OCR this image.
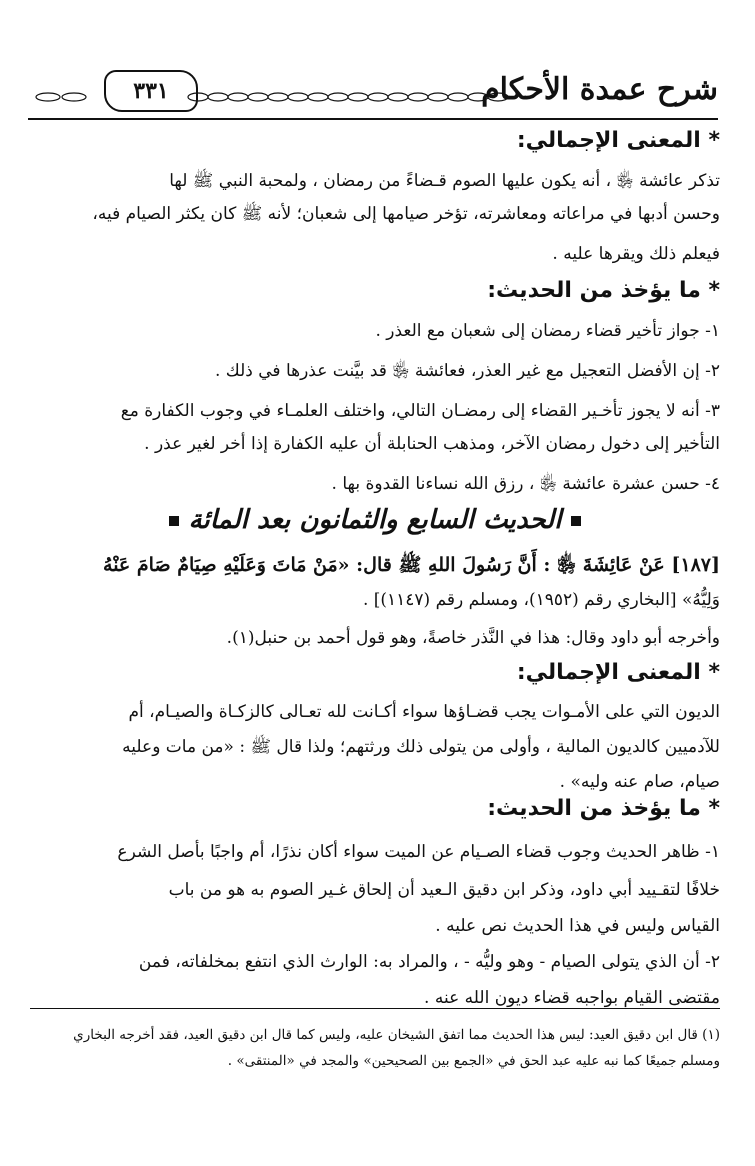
شرح عمدة الأحكام
٣٣١
* المعنى الإجمالي:
تذكر عائشة ﵂ ، أنه يكون عليها الصوم قـضاءً من رمضان ، ولمحبة النبي ﷺ لها
وحسن أدبها في مراعاته ومعاشرته، تؤخر صيامها إلى شعبان؛ لأنه ﷺ كان يكثر الصيام فيه،
فيعلم ذلك ويقرها عليه .
* ما يؤخذ من الحديث:
١- جواز تأخير قضاء رمضان إلى شعبان مع العذر .
٢- إن الأفضل التعجيل مع غير العذر، فعائشة ﵂ قد بيَّنت عذرها في ذلك .
٣- أنه لا يجوز تأخـير القضاء إلى رمضـان التالي، واختلف العلمـاء في وجوب الكفارة مع
التأخير إلى دخول رمضان الآخر، ومذهب الحنابلة أن عليه الكفارة إذا أخر لغير عذر .
٤- حسن عشرة عائشة ﵂ ، رزق الله نساءنا القدوة بها .
الحديث السابع والثمانون بعد المائة
[١٨٧] عَنْ عَائِشَةَ ﵂ : أَنَّ رَسُولَ اللهِ ﷺ قال: «مَنْ مَاتَ وَعَلَيْهِ صِيَامٌ صَامَ عَنْهُ
وَلِيُّهُ» [البخاري رقم (١٩٥٢)، ومسلم رقم (١١٤٧)] .
وأخرجه أبو داود وقال: هذا في النَّذر خاصةً، وهو قول أحمد بن حنبل(١).
* المعنى الإجمالي:
الديون التي على الأمـوات يجب قضـاؤها سواء أكـانت لله تعـالى كالزكـاة والصيـام، أم
للآدميين كالديون المالية ، وأولى من يتولى ذلك ورثتهم؛ ولذا قال ﷺ : «من مات وعليه
صيام، صام عنه وليه» .
* ما يؤخذ من الحديث:
١- ظاهر الحديث وجوب قضاء الصـيام عن الميت سواء أكان نذرًا، أم واجبًا بأصل الشرع
خلافًا لتقـييد أبي داود، وذكر ابن دقيق الـعيد أن إلحاق غـير الصوم به هو من باب
القياس وليس في هذا الحديث نص عليه .
٢- أن الذي يتولى الصيام - وهو وليُّه - ، والمراد به: الوارث الذي انتفع بمخلفاته، فمن
مقتضى القيام بواجبه قضاء ديون الله عنه .
(١) قال ابن دقيق العيد: ليس هذا الحديث مما اتفق الشيخان عليه، وليس كما قال ابن دقيق العيد، فقد أخرجه البخاري
ومسلم جميعًا كما نبه عليه عبد الحق في «الجمع بين الصحيحين» والمجد في «المنتقى» .
